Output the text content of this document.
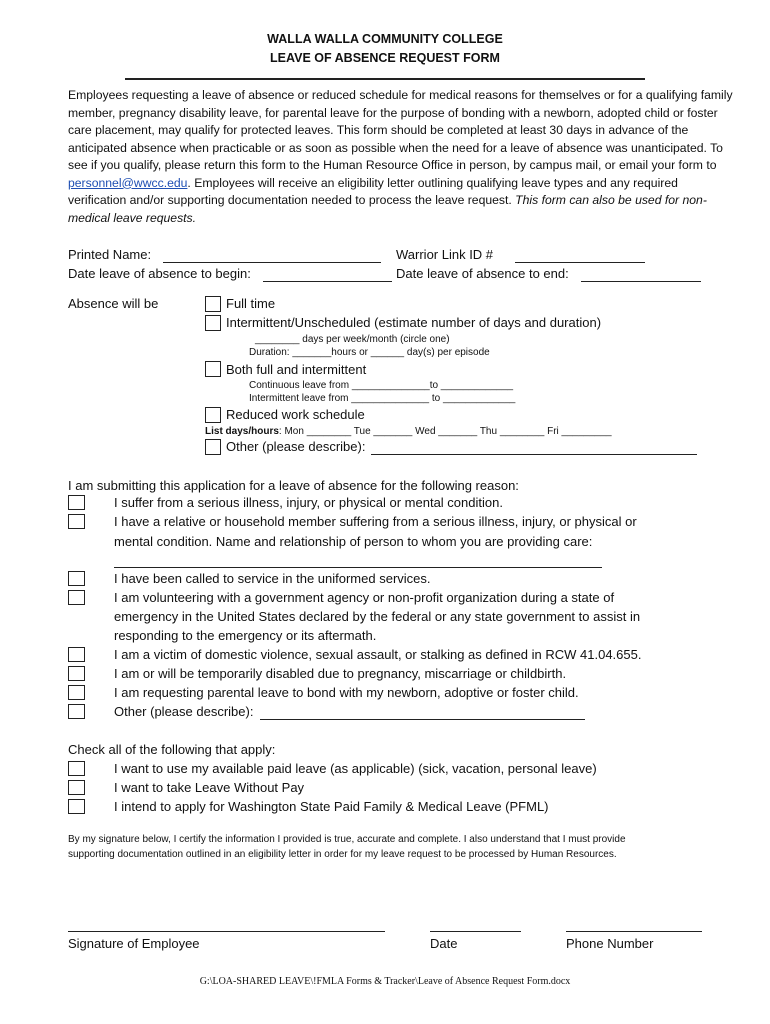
WALLA WALLA COMMUNITY COLLEGE
LEAVE OF ABSENCE REQUEST FORM
Employees requesting a leave of absence or reduced schedule for medical reasons for themselves or for a qualifying family member, pregnancy disability leave, for parental leave for the purpose of bonding with a newborn, adopted child or foster care placement, may qualify for protected leaves. This form should be completed at least 30 days in advance of the anticipated absence when practicable or as soon as possible when the need for a leave of absence was unanticipated. To see if you qualify, please return this form to the Human Resource Office in person, by campus mail, or email your form to personnel@wwcc.edu. Employees will receive an eligibility letter outlining qualifying leave types and any required verification and/or supporting documentation needed to process the leave request. This form can also be used for non-medical leave requests.
Printed Name:	Warrior Link ID #
Date leave of absence to begin:	Date leave of absence to end:
Absence will be	Full time
Intermittent/Unscheduled (estimate number of days and duration)
________ days per week/month (circle one)
Duration: _______hours or ______ day(s) per episode
Both full and intermittent
Continuous leave from ______________to _____________
Intermittent leave from ______________ to _____________
Reduced work schedule
List days/hours: Mon ________ Tue _______ Wed _______ Thu ________ Fri _________
Other (please describe):
I am submitting this application for a leave of absence for the following reason:
I suffer from a serious illness, injury, or physical or mental condition.
I have a relative or household member suffering from a serious illness, injury, or physical or
mental condition. Name and relationship of person to whom you are providing care:
I have been called to service in the uniformed services.
I am volunteering with a government agency or non-profit organization during a state of
emergency in the United States declared by the federal or any state government to assist in
responding to the emergency or its aftermath.
I am a victim of domestic violence, sexual assault, or stalking as defined in RCW 41.04.655.
I am or will be temporarily disabled due to pregnancy, miscarriage or childbirth.
I am requesting parental leave to bond with my newborn, adoptive or foster child.
Other (please describe):
Check all of the following that apply:
I want to use my available paid leave (as applicable) (sick, vacation, personal leave)
I want to take Leave Without Pay
I intend to apply for Washington State Paid Family & Medical Leave (PFML)
By my signature below, I certify the information I provided is true, accurate and complete. I also understand that I must provide
supporting documentation outlined in an eligibility letter in order for my leave request to be processed by Human Resources.
Signature of Employee	Date	Phone Number
G:\LOA-SHARED LEAVE\!FMLA Forms & Tracker\Leave of Absence Request Form.docx
